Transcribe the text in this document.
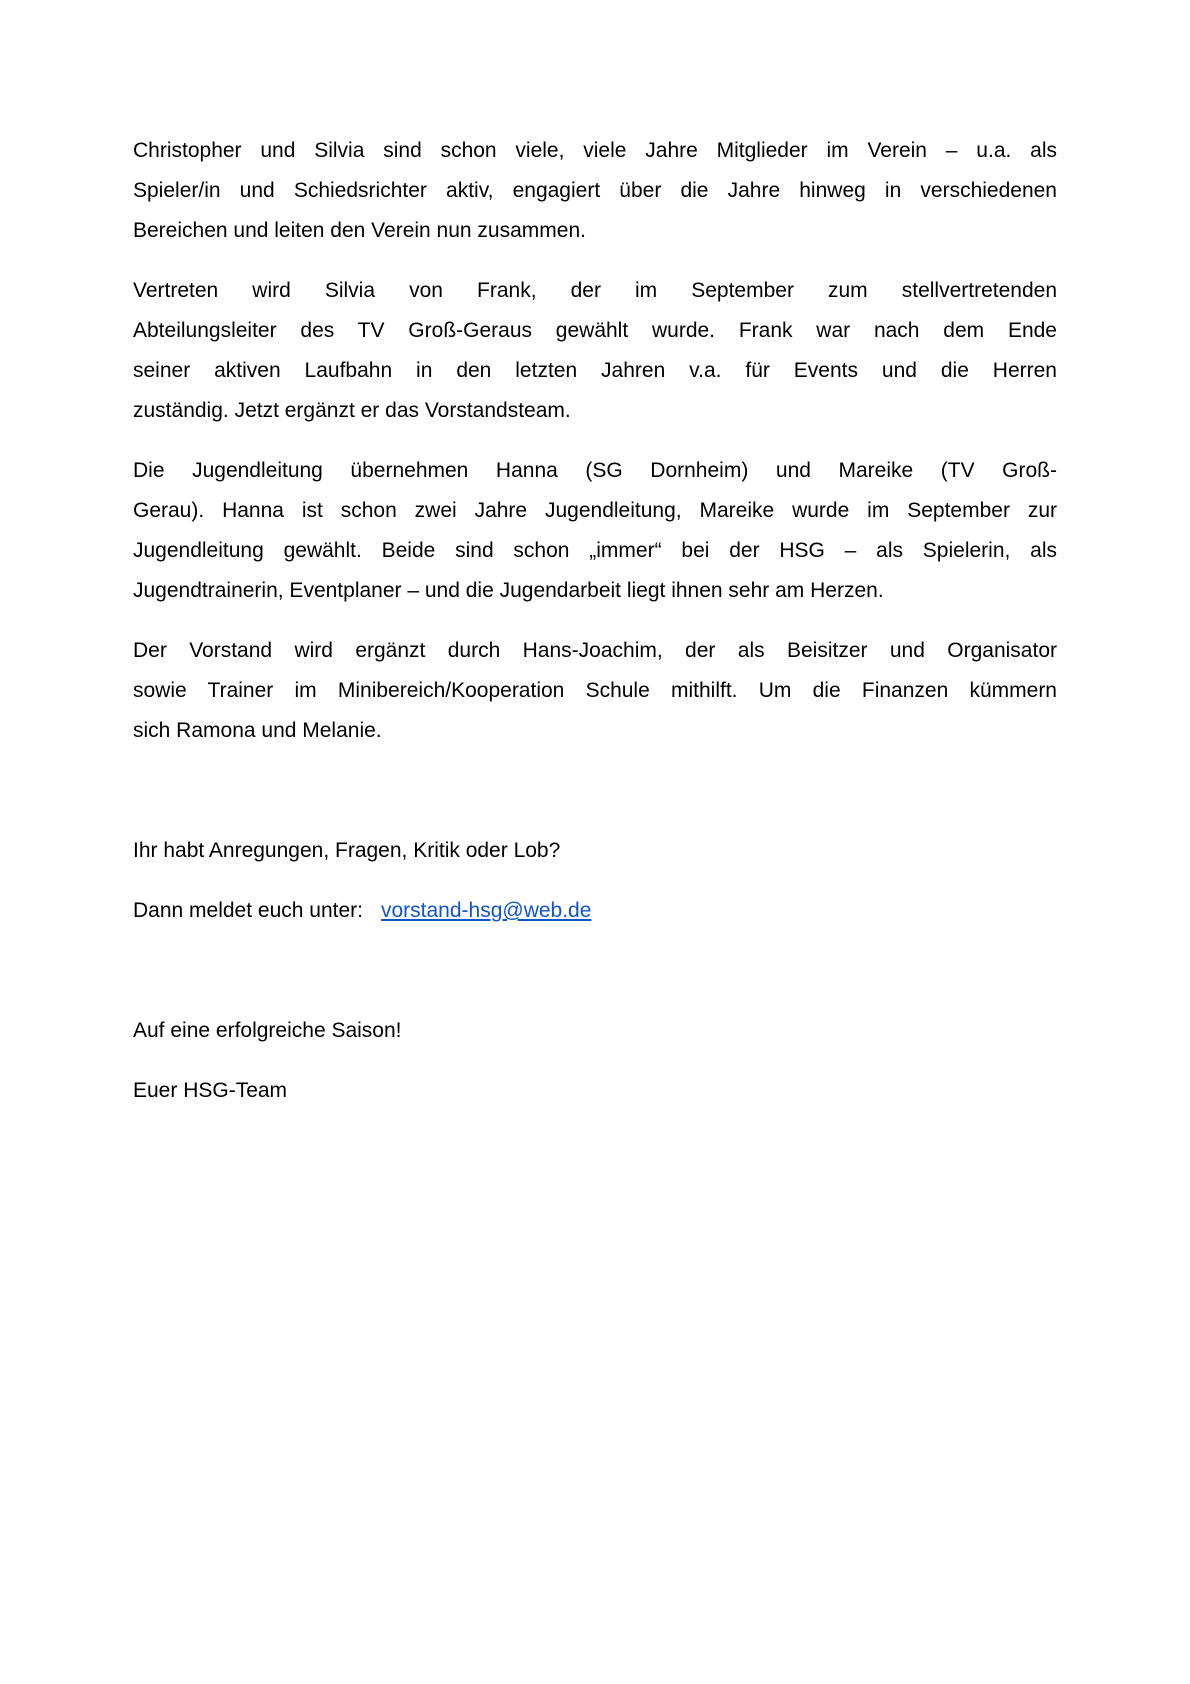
Christopher und Silvia sind schon viele, viele Jahre Mitglieder im Verein – u.a. als
Spieler/in und Schiedsrichter aktiv, engagiert über die Jahre hinweg in verschiedenen
Bereichen und leiten den Verein nun zusammen.
Vertreten wird Silvia von Frank, der im September zum stellvertretenden
Abteilungsleiter des TV Groß-Geraus gewählt wurde. Frank war nach dem Ende
seiner aktiven Laufbahn in den letzten Jahren v.a. für Events und die Herren
zuständig. Jetzt ergänzt er das Vorstandsteam.
Die Jugendleitung übernehmen Hanna (SG Dornheim) und Mareike (TV Groß-
Gerau). Hanna ist schon zwei Jahre Jugendleitung, Mareike wurde im September zur
Jugendleitung gewählt. Beide sind schon „immer“ bei der HSG – als Spielerin, als
Jugendtrainerin, Eventplaner – und die Jugendarbeit liegt ihnen sehr am Herzen.
Der Vorstand wird ergänzt durch Hans-Joachim, der als Beisitzer und Organisator
sowie Trainer im Minibereich/Kooperation Schule mithilft. Um die Finanzen kümmern
sich Ramona und Melanie.
Ihr habt Anregungen, Fragen, Kritik oder Lob?
Dann meldet euch unter: vorstand-hsg@web.de
Auf eine erfolgreiche Saison!
Euer HSG-Team
